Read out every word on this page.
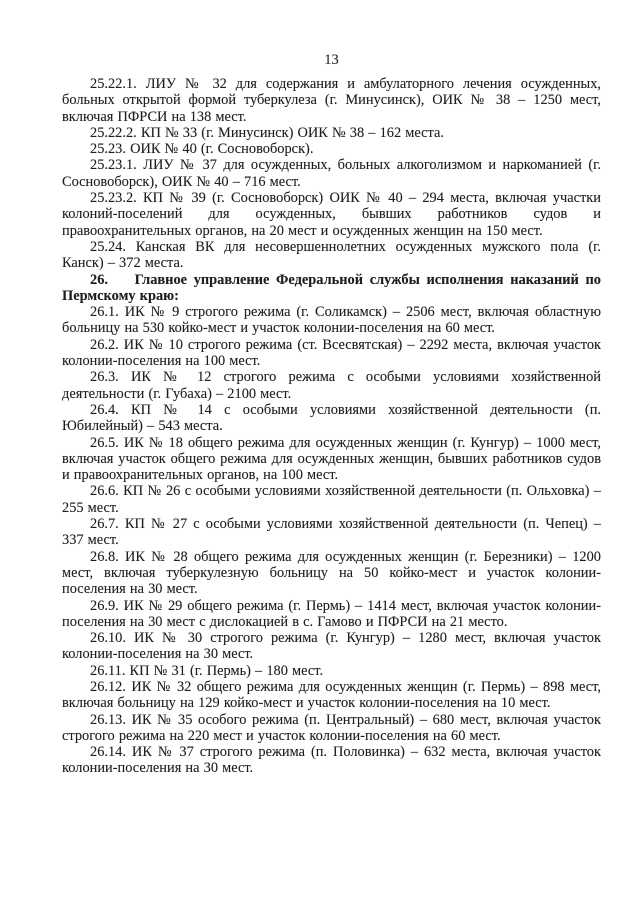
13

25.22.1. ЛИУ № 32 для содержания и амбулаторного лечения осужденных, больных открытой формой туберкулеза (г. Минусинск), ОИК № 38 – 1250 мест, включая ПФРСИ на 138 мест.

25.22.2. КП № 33 (г. Минусинск) ОИК № 38 – 162 места.

25.23. ОИК № 40 (г. Сосновоборск).

25.23.1. ЛИУ № 37 для осужденных, больных алкоголизмом и наркоманией (г. Сосновоборск), ОИК № 40 – 716 мест.

25.23.2. КП № 39 (г. Сосновоборск) ОИК № 40 – 294 места, включая участки колоний-поселений для осужденных, бывших работников судов и правоохранительных органов, на 20 мест и осужденных женщин на 150 мест.

25.24. Канская ВК для несовершеннолетних осужденных мужского пола (г. Канск) – 372 места.

26.    Главное управление Федеральной службы исполнения наказаний по Пермскому краю:

26.1. ИК № 9 строгого режима (г. Соликамск) – 2506 мест, включая областную больницу на 530 койко-мест и участок колонии-поселения на 60 мест.

26.2. ИК № 10 строгого режима (ст. Всесвятская) – 2292 места, включая участок колонии-поселения на 100 мест.

26.3. ИК № 12 строгого режима с особыми условиями хозяйственной деятельности (г. Губаха) – 2100 мест.

26.4. КП № 14 с особыми условиями хозяйственной деятельности (п. Юбилейный) – 543 места.

26.5. ИК № 18 общего режима для осужденных женщин (г. Кунгур) – 1000 мест, включая участок общего режима для осужденных женщин, бывших работников судов и правоохранительных органов, на 100 мест.

26.6. КП № 26 с особыми условиями хозяйственной деятельности (п. Ольховка) – 255 мест.

26.7. КП № 27 с особыми условиями хозяйственной деятельности (п. Чепец) – 337 мест.

26.8. ИК № 28 общего режима для осужденных женщин (г. Березники) – 1200 мест, включая туберкулезную больницу на 50 койко-мест и участок колонии-поселения на 30 мест.

26.9. ИК № 29 общего режима (г. Пермь) – 1414 мест, включая участок колонии-поселения на 30 мест с дислокацией в с. Гамово и ПФРСИ на 21 место.

26.10. ИК № 30 строгого режима (г. Кунгур) – 1280 мест, включая участок колонии-поселения на 30 мест.

26.11. КП № 31 (г. Пермь) – 180 мест.

26.12. ИК № 32 общего режима для осужденных женщин (г. Пермь) – 898 мест, включая больницу на 129 койко-мест и участок колонии-поселения на 10 мест.

26.13. ИК № 35 особого режима (п. Центральный) – 680 мест, включая участок строгого режима на 220 мест и участок колонии-поселения на 60 мест.

26.14. ИК № 37 строгого режима (п. Половинка) – 632 места, включая участок колонии-поселения на 30 мест.
